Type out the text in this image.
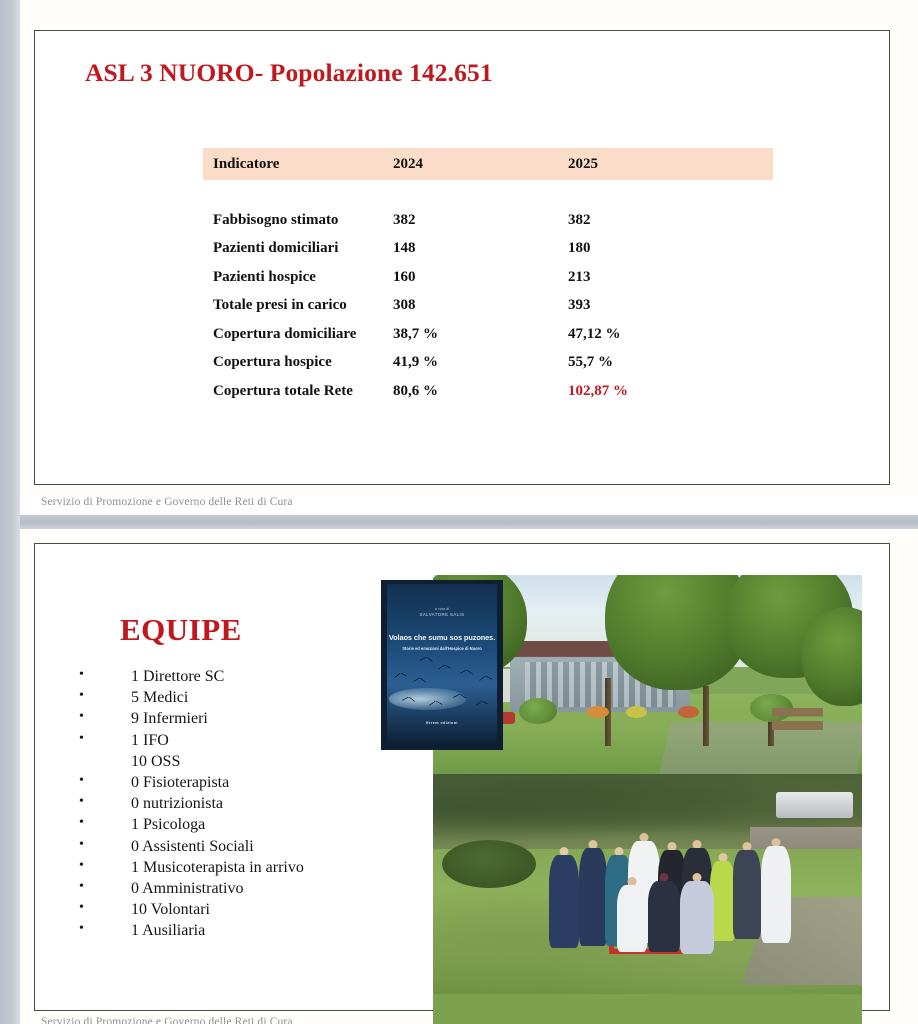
ASL 3 NUORO- Popolazione 142.651
Indicatore	2024	2025
Fabbisogno stimato	382	382
Pazienti domiciliari	148	180
Pazienti hospice	160	213
Totale presi in carico	308	393
Copertura domiciliare	38,7 %	47,12 %
Copertura hospice	41,9 %	55,7 %
Copertura totale Rete	80,6 %	102,87 %
Servizio di Promozione e Governo delle Reti di Cura
EQUIPE
• 1 Direttore SC
• 5 Medici
• 9 Infermieri
• 1 IFO
10 OSS
• 0 Fisioterapista
• 0 nutrizionista
• 1 Psicologa
• 0 Assistenti Sociali
• 1 Musicoterapista in arrivo
• 0 Amministrativo
• 10 Volontari
• 1 Ausiliaria
a cura di
SALVATORE SALIS
Volaos che sumu sos puzones.
Storie ed emozioni dall'Hospice di Nuoro
Errem edizioni
Servizio di Promozione e Governo delle Reti di Cura
